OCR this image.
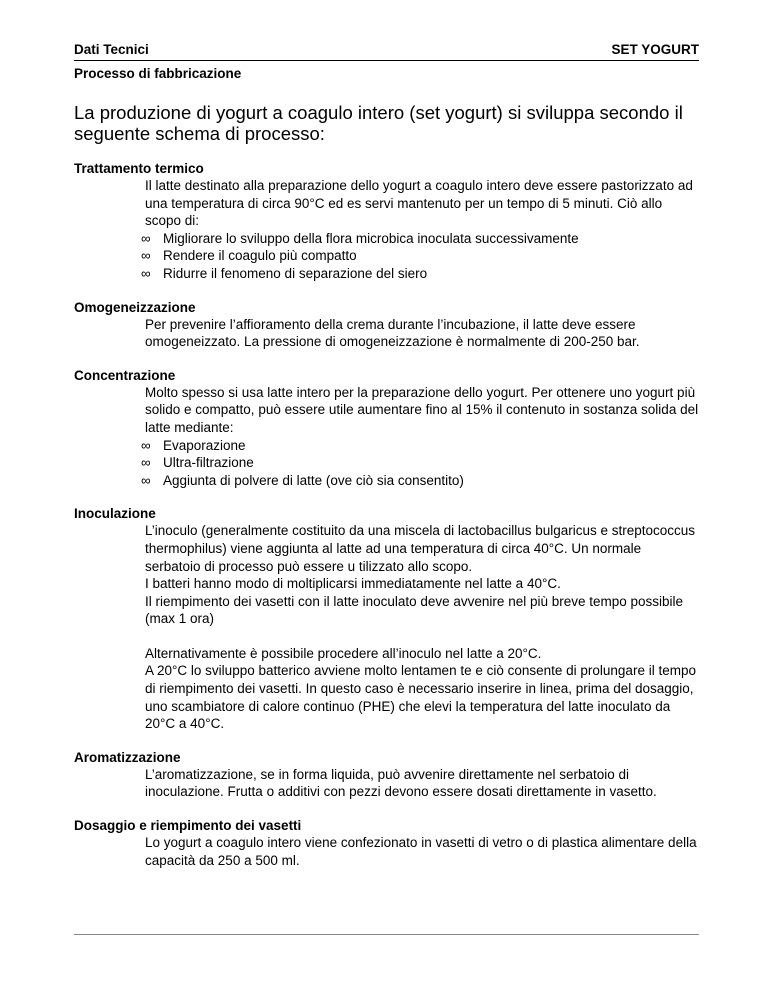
Dati Tecnici	SET YOGURT
Processo di fabbricazione
La produzione di yogurt a coagulo intero (set yogurt) si sviluppa secondo il seguente schema di processo:
Trattamento termico

Il latte destinato alla preparazione dello yogurt a coagulo intero deve essere pastorizzato ad una temperatura di circa 90°C ed es servi mantenuto per un tempo di 5 minuti. Ciò allo scopo di:

∞ Migliorare lo sviluppo della flora microbica inoculata successivamente
∞ Rendere il coagulo più compatto
∞ Ridurre il fenomeno di separazione del siero
Omogeneizzazione

Per prevenire l’affioramento della crema durante l’incubazione, il latte deve essere omogeneizzato. La pressione di omogeneizzazione è normalmente di 200-250 bar.

Concentrazione

Molto spesso si usa latte intero per la preparazione dello yogurt. Per ottenere uno yogurt più solido e compatto, può essere utile aumentare fino al 15% il contenuto in sostanza solida del latte mediante:

∞ Evaporazione
∞ Ultra-filtrazione
∞ Aggiunta di polvere di latte (ove ciò sia consentito)
Inoculazione

L’inoculo (generalmente costituito da una miscela di lactobacillus bulgaricus e streptococcus thermophilus) viene aggiunta al latte ad una temperatura di circa 40°C. Un normale serbatoio di processo può essere u tilizzato allo scopo.

I batteri hanno modo di moltiplicarsi immediatamente nel latte a 40°C.

Il riempimento dei vasetti con il latte inoculato deve avvenire nel più breve tempo possibile (max 1 ora)

Alternativamente è possibile procedere all’inoculo nel latte a 20°C.

A 20°C lo sviluppo batterico avviene molto lentamen te e ciò consente di prolungare il tempo di riempimento dei vasetti. In questo caso è necessario inserire in linea, prima del dosaggio, uno scambiatore di calore continuo (PHE) che elevi la temperatura del latte inoculato da 20°C a 40°C.

Aromatizzazione

L’aromatizzazione, se in forma liquida, può avvenire direttamente nel serbatoio di inoculazione. Frutta o additivi con pezzi devono essere dosati direttamente in vasetto.

Dosaggio e riempimento dei vasetti

Lo yogurt a coagulo intero viene confezionato in vasetti di vetro o di plastica alimentare della capacità da 250 a 500 ml.
